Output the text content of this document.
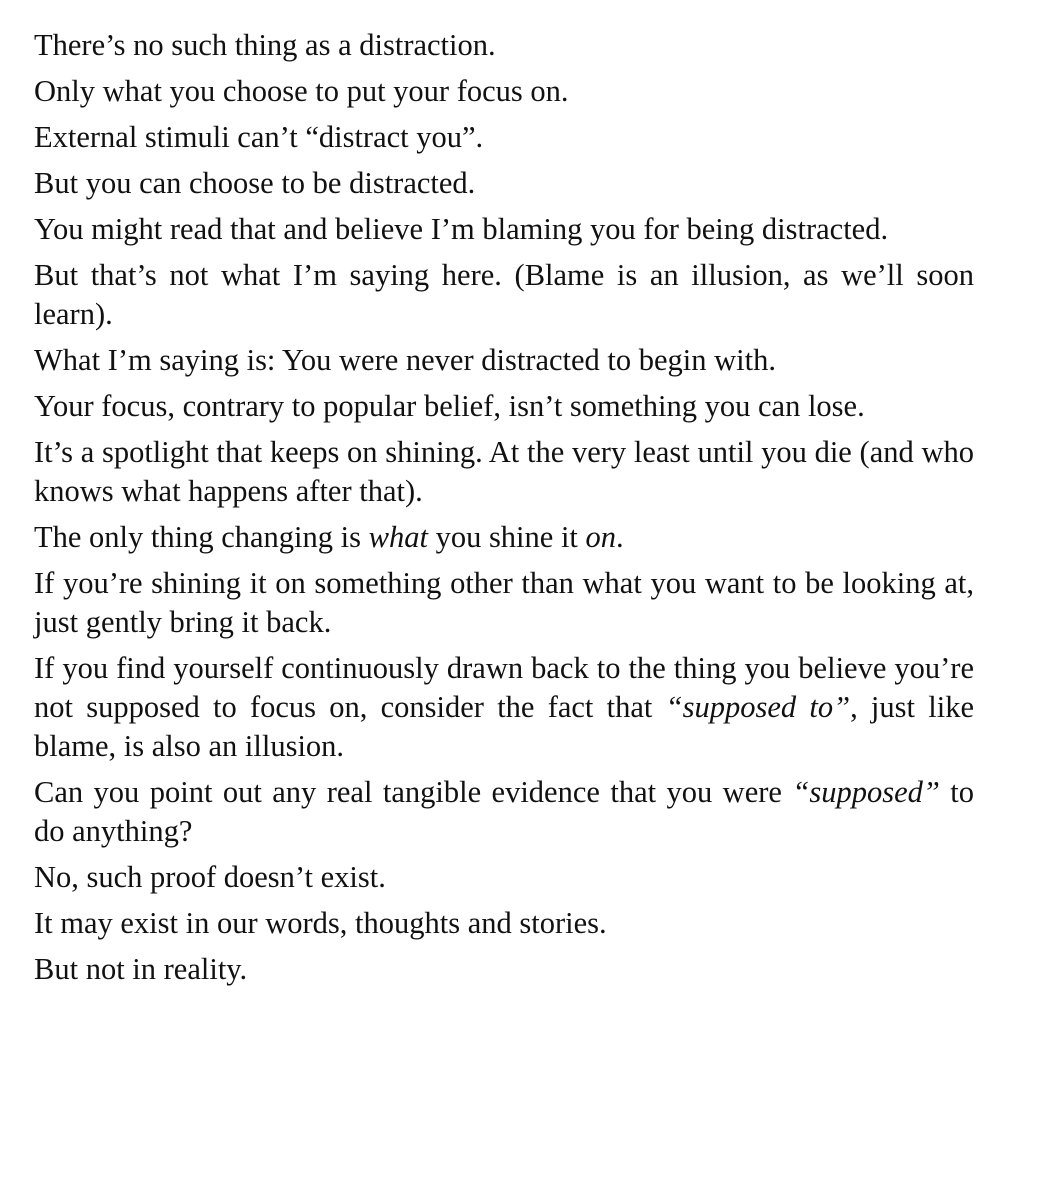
There’s no such thing as a distraction.

Only what you choose to put your focus on.

External stimuli can’t “distract you”.

But you can choose to be distracted.

You might read that and believe I’m blaming you for being distracted.

But that’s not what I’m saying here. (Blame is an illusion, as we’ll soon learn).

What I’m saying is: You were never distracted to begin with.

Your focus, contrary to popular belief, isn’t something you can lose.

It’s a spotlight that keeps on shining. At the very least until you die (and who knows what happens after that).

The only thing changing is what you shine it on.

If you’re shining it on something other than what you want to be looking at, just gently bring it back.

If you find yourself continuously drawn back to the thing you believe you’re not supposed to focus on, consider the fact that “supposed to”, just like blame, is also an illusion.

Can you point out any real tangible evidence that you were “supposed” to do anything?

No, such proof doesn’t exist.

It may exist in our words, thoughts and stories.

But not in reality.
